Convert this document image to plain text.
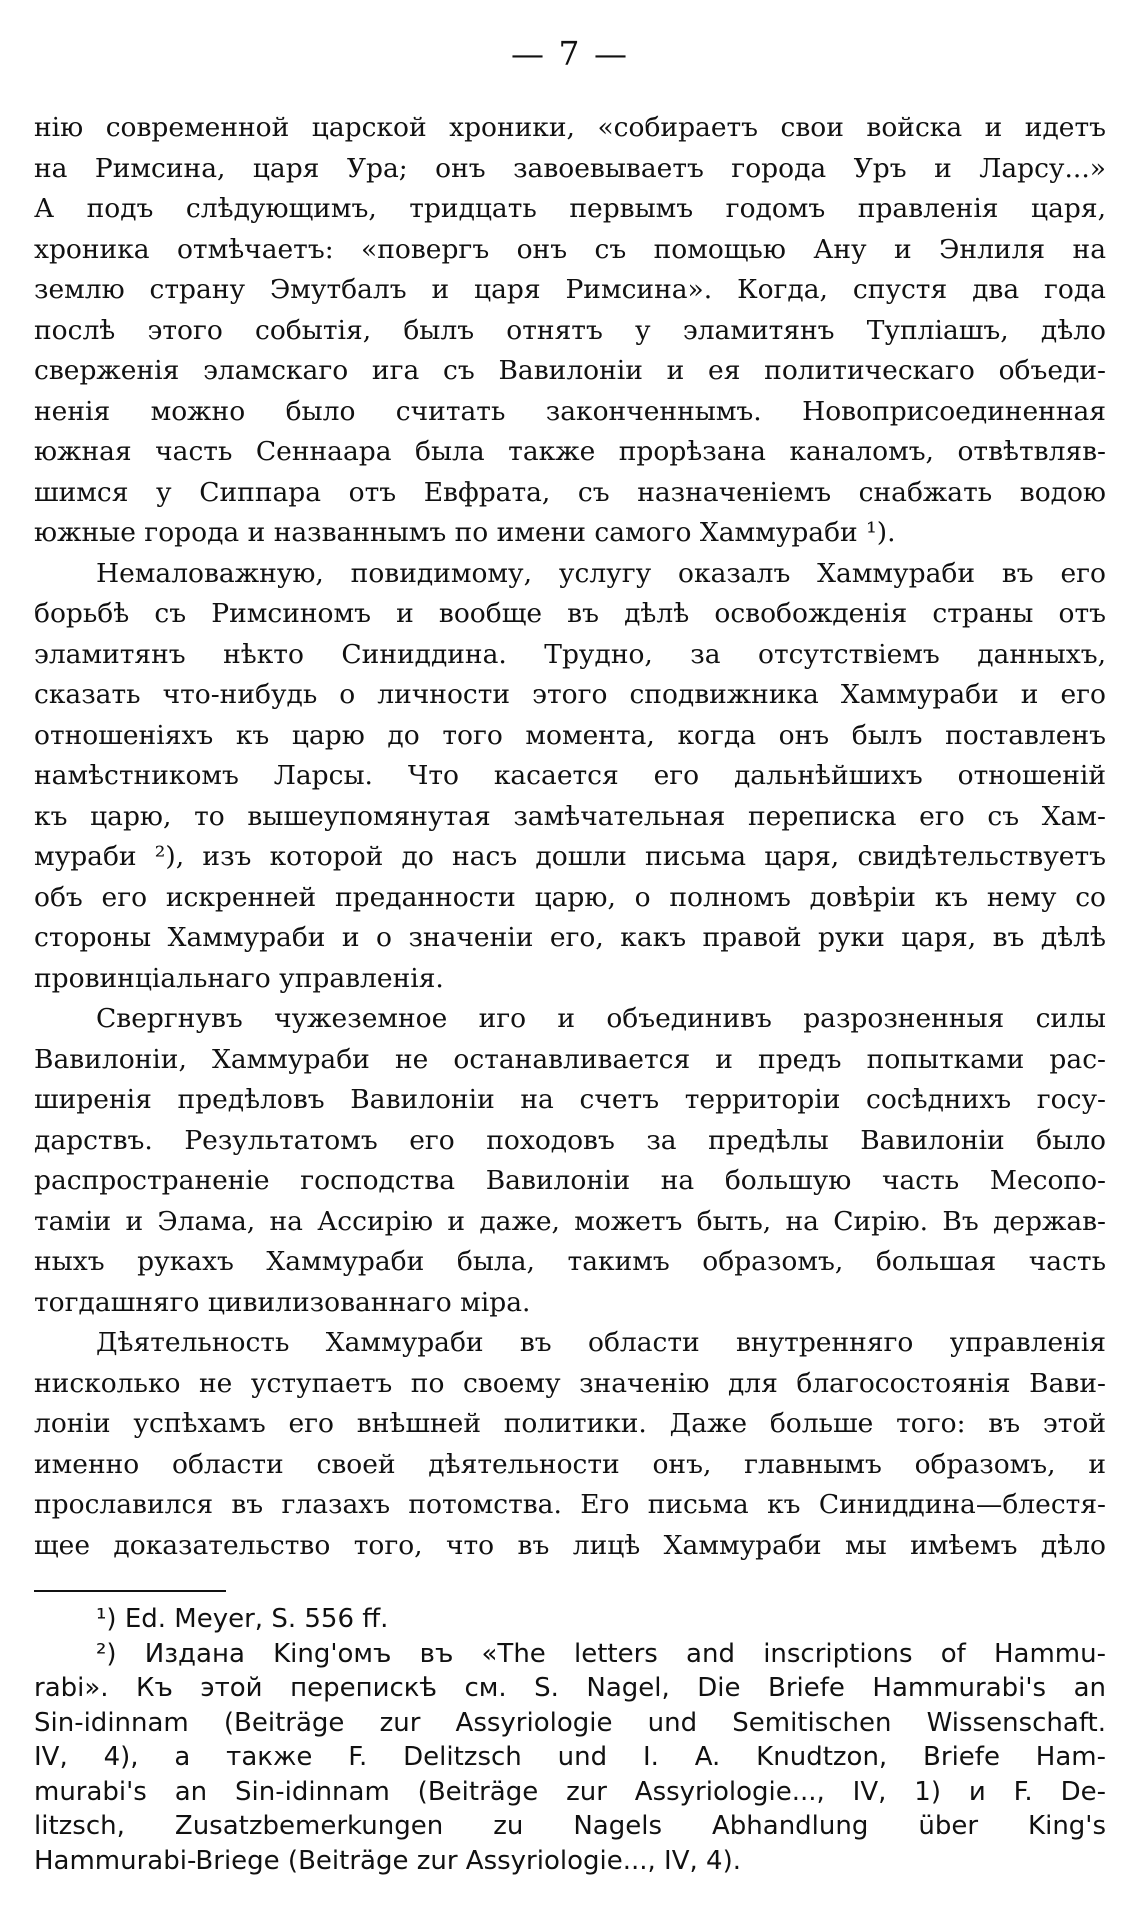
— 7 —
нію современной царской хроники, «собираетъ свои войска и идетъ
на Римсина, царя Ура; онъ завоевываетъ города Уръ и Ларсу...»
А подъ слѣдующимъ, тридцать первымъ годомъ правленія царя,
хроника отмѣчаетъ: «повергъ онъ съ помощью Ану и Энлиля на
землю страну Эмутбалъ и царя Римсина». Когда, спустя два года
послѣ этого событія, былъ отнятъ у эламитянъ Тупліашъ, дѣло
сверженія эламскаго ига съ Вавилоніи и ея политическаго объеди-
ненія можно было считать законченнымъ. Новоприсоединенная
южная часть Сеннаара была также прорѣзана каналомъ, отвѣтвляв-
шимся у Сиппара отъ Евфрата, съ назначеніемъ снабжать водою
южные города и названнымъ по имени самого Хаммураби ¹).
Немаловажную, повидимому, услугу оказалъ Хаммураби въ его
борьбѣ съ Римсиномъ и вообще въ дѣлѣ освобожденія страны отъ
эламитянъ нѣкто Синиддина. Трудно, за отсутствіемъ данныхъ,
сказать что-нибудь о личности этого сподвижника Хаммураби и его
отношеніяхъ къ царю до того момента, когда онъ былъ поставленъ
намѣстникомъ Ларсы. Что касается его дальнѣйшихъ отношеній
къ царю, то вышеупомянутая замѣчательная переписка его съ Хам-
мураби ²), изъ которой до насъ дошли письма царя, свидѣтельствуетъ
объ его искренней преданности царю, о полномъ довѣріи къ нему со
стороны Хаммураби и о значеніи его, какъ правой руки царя, въ дѣлѣ
провинціальнаго управленія.
Свергнувъ чужеземное иго и объединивъ разрозненныя силы
Вавилоніи, Хаммураби не останавливается и предъ попытками рас-
ширенія предѣловъ Вавилоніи на счетъ территоріи сосѣднихъ госу-
дарствъ. Результатомъ его походовъ за предѣлы Вавилоніи было
распространеніе господства Вавилоніи на большую часть Месопо-
таміи и Элама, на Ассирію и даже, можетъ быть, на Сирію. Въ держав-
ныхъ рукахъ Хаммураби была, такимъ образомъ, большая часть
тогдашняго цивилизованнаго міра.
Дѣятельность Хаммураби въ области внутренняго управленія
нисколько не уступаетъ по своему значенію для благосостоянія Вави-
лоніи успѣхамъ его внѣшней политики. Даже больше того: въ этой
именно области своей дѣятельности онъ, главнымъ образомъ, и
прославился въ глазахъ потомства. Его письма къ Синиддина—блестя-
щее доказательство того, что въ лицѣ Хаммураби мы имѣемъ дѣло
¹) Ed. Meyer, S. 556 ff.
²) Издана King'омъ въ «The letters and inscriptions of Hammu-
rabi». Къ этой перепискѣ см. S. Nagel, Die Briefe Hammurabi's an
Sin-idinnam (Beiträge zur Assyriologie und Semitischen Wissenschaft.
IV, 4), а также F. Delitzsch und I. A. Knudtzon, Briefe Ham-
murabi's an Sin-idinnam (Beiträge zur Assyriologie..., IV, 1) и F. De-
litzsch, Zusatzbemerkungen zu Nagels Abhandlung über King's
Hammurabi-Briege (Beiträge zur Assyriologie..., IV, 4).
